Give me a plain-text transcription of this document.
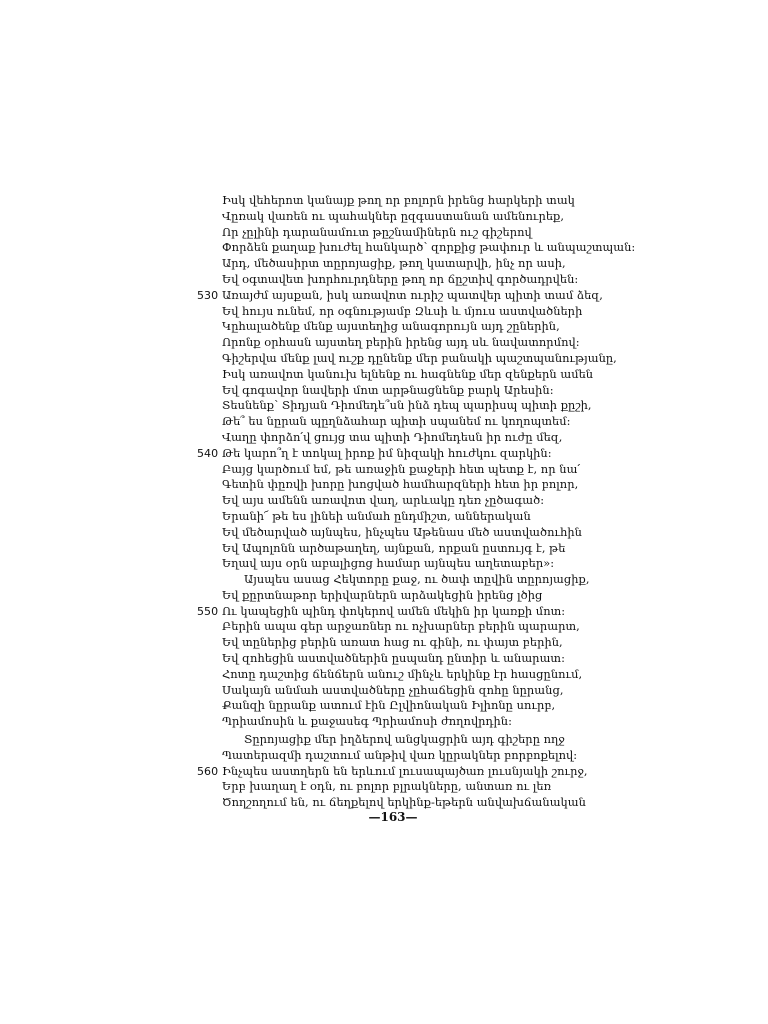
Իսկ վեհերոտ կանայք թող որ բոլորն իրենց հարկերի տակ
Վըռակ վառեն ու պահակներ ըզգաստանան ամենուրեք,
Որ չըլինի դարանամուտ թըշնամիներն ուշ գիշերով
Փորձեն քաղաք խուժել հանկարծ՝ զորքից թափուր և անպաշտպան:
Արդ, մեծասիրտ տըրոյացիք, թող կատարվի, ինչ որ ասի,
Եվ օգտավետ խորհուրդները թող որ ճըշտիվ գործադրվեն:
530 Առայժմ այսքան, իսկ առավոտ ուրիշ պատվեր պիտի տամ ձեզ,
Եվ հույս ունեմ, որ օգնությամբ Զևսի և մյուս աստվածների
Կըհալածենք մենք այստեղից անագորույն այդ շըներին,
Որոնք օրհասն այստեղ բերին իրենց այդ սև նավատորմով:
Գիշերվա մենք լավ ուշք դընենք մեր բանակի պաշտպանությանը,
Իսկ առավոտ կանուխ ելնենք ու հագնենք մեր զենքերն ամեն
Եվ գոգավոր նավերի մոտ արթնացնենք բարկ Արեսին:
Տեսնենք՝ Տիդյան Դիոմեդե՞սն ինձ դեպ պարիսպ պիտի քըշի,
Թե՞ ես նըրան պըղնձահար պիտի սպանեմ ու կողոպտեմ:
Վաղը փորձո՛վ ցույց տա պիտի Դիոմեդեսն իր ուժը մեզ,
540 Թե կարո՞ղ է տոկալ իրոք իմ նիզակի հուժկու զարկին:
Բայց կարծում եմ, թե առաջին քաջերի հետ պետք է, որ նա՛
Գետին փըռվի խորը խոցված համհարզների հետ իր բոլոր,
Եվ այս ամենն առավոտ վաղ, արևակը դեռ չըծագած:
Երանի՜ թե ես լինեի անմահ ընդմիշտ, աններական
Եվ մեծարված այնպես, ինչպես Աթենաս մեծ աստվածուհին
Եվ Ապոլոնն արծաթաղեղ, այնքան, որքան ըստույգ է, թե
Եղավ այս օրն աբալիցոց համար այնպես աղետաբեր»:
Այսպես ասաց Հեկտորը քաջ, ու ծափ տըվին տըրոյացիք,
Եվ քըրտնաթոր երիվարներն արձակեցին իրենց լծից
550 Ու կապեցին պինդ փոկերով ամեն մեկին իր կառքի մոտ:
Բերին ապա գեր արջառներ ու ոչխարներ բերին պարարտ,
Եվ տըներից բերին առատ հաց ու գինի, ու փայտ բերին,
Եվ զոհեցին աստվածներին ըսպանդ ընտիր և անարատ:
Հոտը դաշտից ճենճերն անուշ մինչև երկինք էր հասցընում,
Սակայն անմահ աստվածները չըհաճեցին զոհը նըրանց,
Քանզի նըրանք ատում էին Ըլվիոնական Իլիոնը սուրբ,
Պրիամոսին և քաջասեգ Պրիամոսի ժողովրդին:
Տըրոյացիք մեր իղձերով անցկացրին այդ գիշերը ողջ
Պատերազմի դաշտում անթիվ վառ կըրակներ բորբոքելով:
560 Ինչպես աստղերն են երևում լուսապայծառ լուսնյակի շուրջ,
Երբ խաղաղ է օդն, ու բոլոր բլրակները, անտառ ու լեռ
Ծողշողում են, ու ճեղքելով երկինք-եթերն անվախճանական
—163—
